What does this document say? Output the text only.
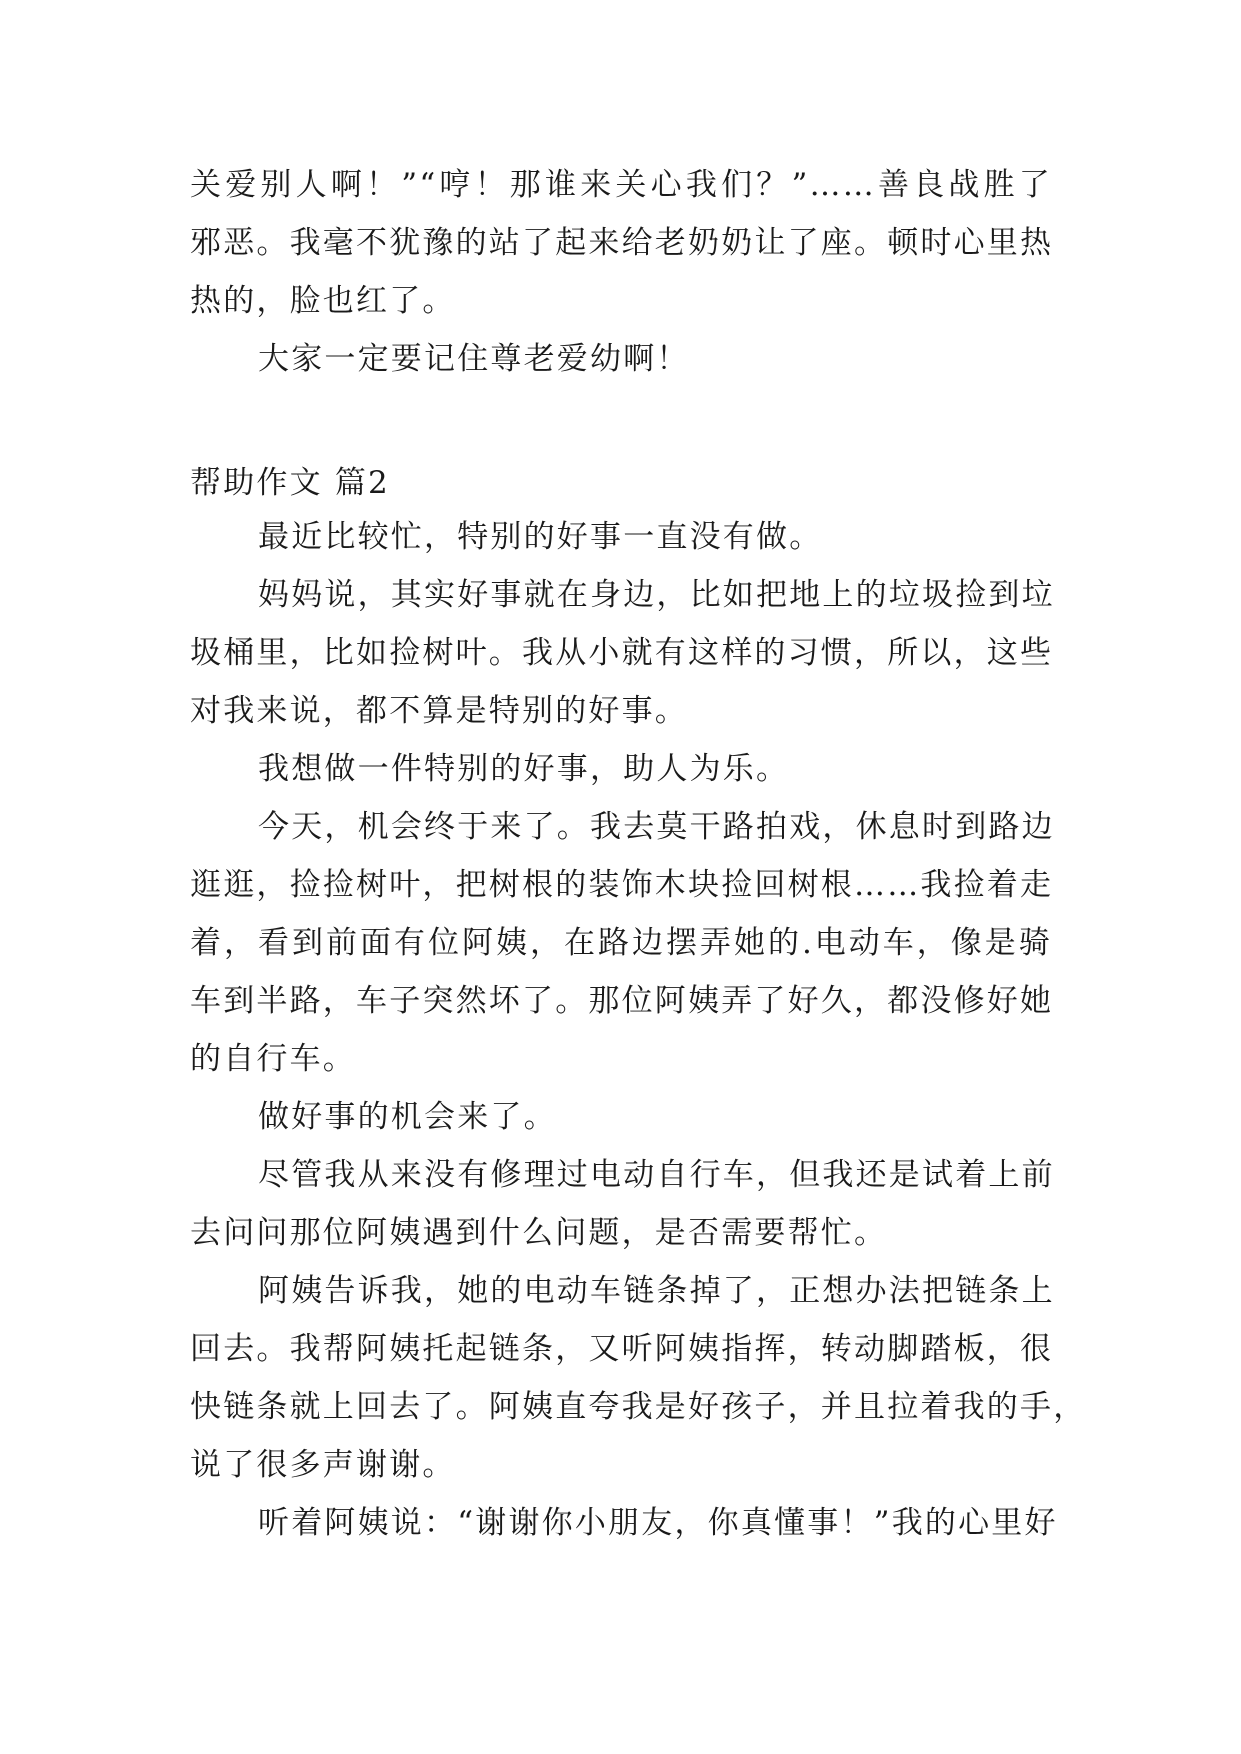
关爱别人啊！”“哼！那谁来关心我们？”……善良战胜了
邪恶。我毫不犹豫的站了起来给老奶奶让了座。顿时心里热
热的，脸也红了。
大家一定要记住尊老爱幼啊！
帮助作文 篇2
最近比较忙，特别的好事一直没有做。
妈妈说，其实好事就在身边，比如把地上的垃圾捡到垃
圾桶里，比如捡树叶。我从小就有这样的习惯，所以，这些
对我来说，都不算是特别的好事。
我想做一件特别的好事，助人为乐。
今天，机会终于来了。我去莫干路拍戏，休息时到路边
逛逛，捡捡树叶，把树根的装饰木块捡回树根……我捡着走
着，看到前面有位阿姨，在路边摆弄她的.电动车，像是骑
车到半路，车子突然坏了。那位阿姨弄了好久，都没修好她
的自行车。
做好事的机会来了。
尽管我从来没有修理过电动自行车，但我还是试着上前
去问问那位阿姨遇到什么问题，是否需要帮忙。
阿姨告诉我，她的电动车链条掉了，正想办法把链条上
回去。我帮阿姨托起链条，又听阿姨指挥，转动脚踏板，很
快链条就上回去了。阿姨直夸我是好孩子，并且拉着我的手，
说了很多声谢谢。
听着阿姨说：“谢谢你小朋友，你真懂事！”我的心里好
